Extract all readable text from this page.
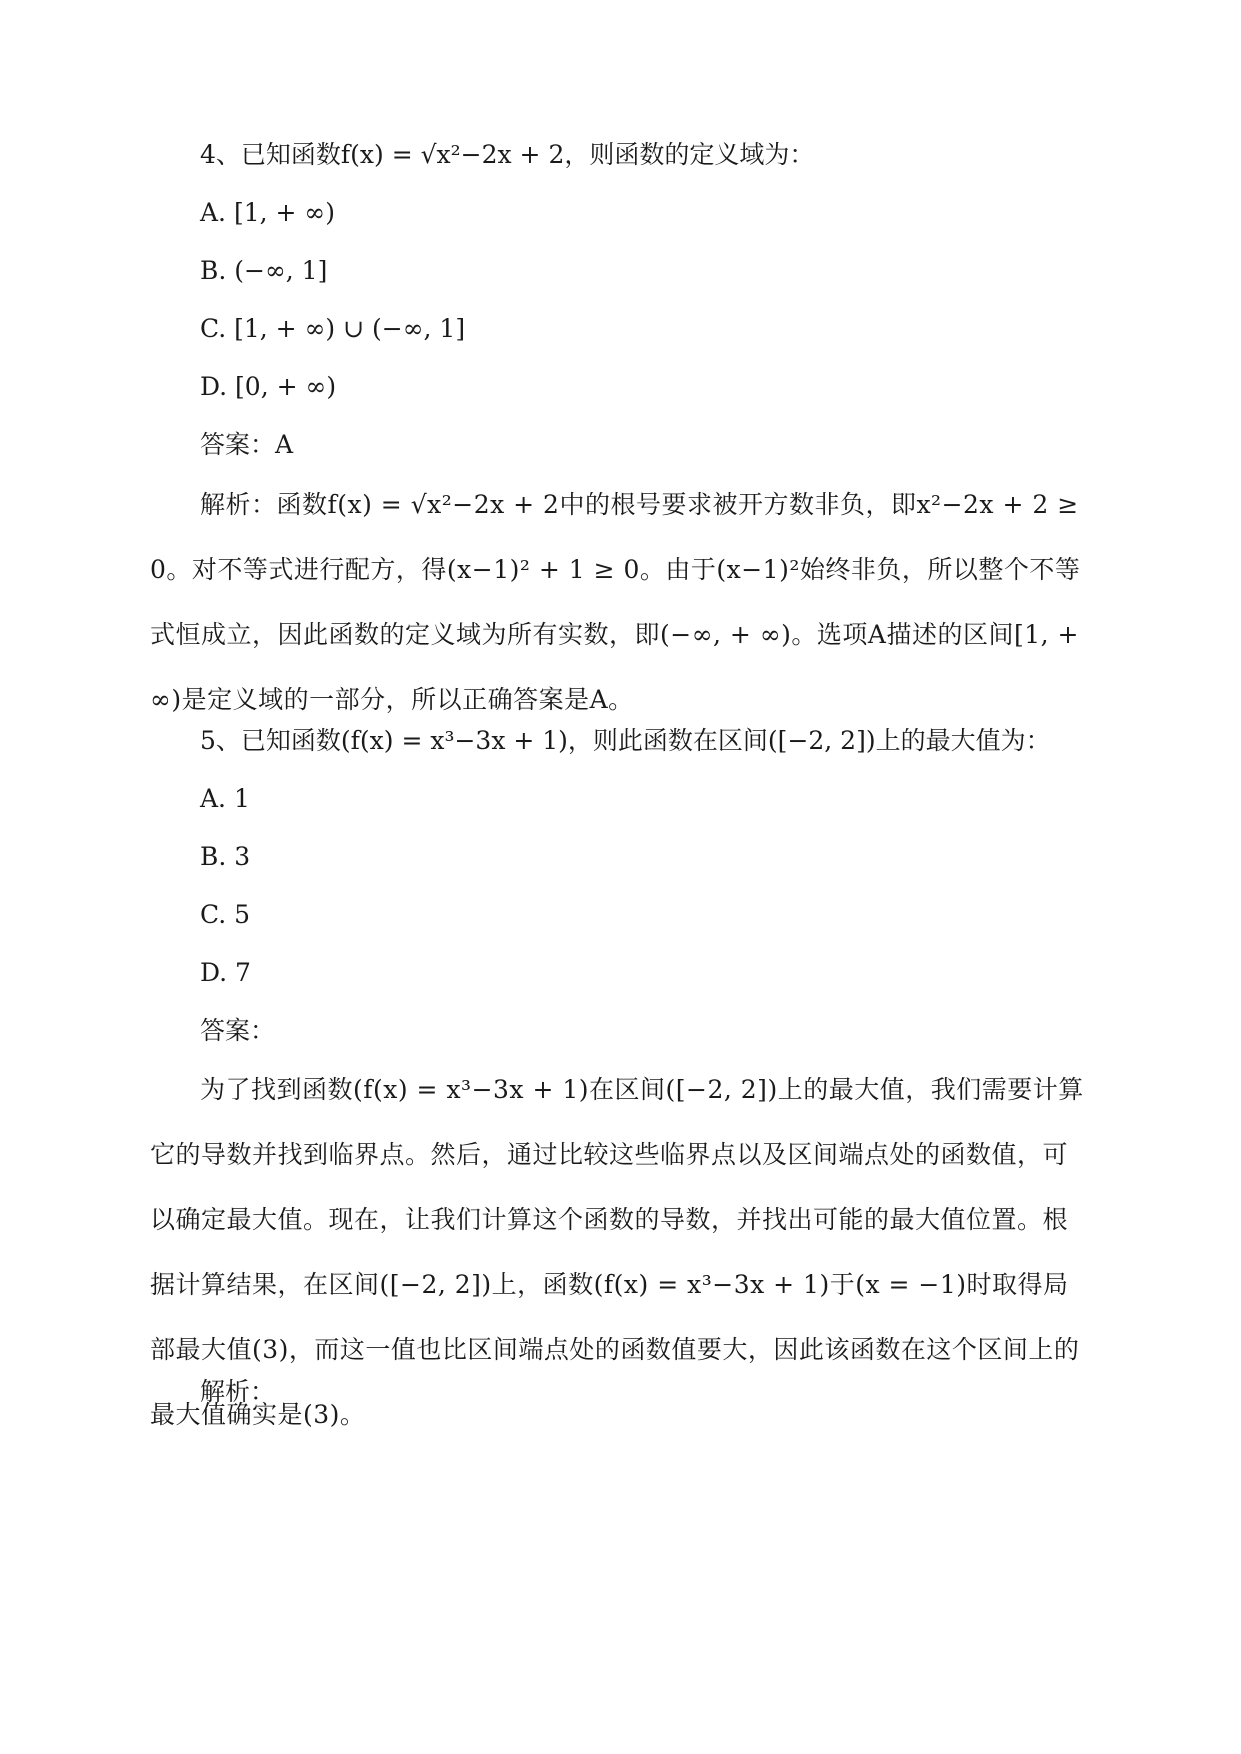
4、已知函数f(x) = √x²−2x + 2，则函数的定义域为：
A. [1, + ∞)
B. (−∞, 1]
C. [1, + ∞) ∪ (−∞, 1]
D. [0, + ∞)
答案：A
解析：函数f(x) = √x²−2x + 2中的根号要求被开方数非负，即x²−2x + 2 ≥ 0。对不等式进行配方，得(x−1)² + 1 ≥ 0。由于(x−1)²始终非负，所以整个不等式恒成立，因此函数的定义域为所有实数，即(−∞, + ∞)。选项A描述的区间[1, + ∞)是定义域的一部分，所以正确答案是A。
5、已知函数(f(x) = x³−3x + 1)，则此函数在区间([−2, 2])上的最大值为：
A. 1
B. 3
C. 5
D. 7
答案：
为了找到函数(f(x) = x³−3x + 1)在区间([−2, 2])上的最大值，我们需要计算它的导数并找到临界点。然后，通过比较这些临界点以及区间端点处的函数值，可以确定最大值。现在，让我们计算这个函数的导数，并找出可能的最大值位置。根据计算结果，在区间([−2, 2])上，函数(f(x) = x³−3x + 1)于(x = −1)时取得局部最大值(3)，而这一值也比区间端点处的函数值要大，因此该函数在这个区间上的最大值确实是(3)。
解析：
